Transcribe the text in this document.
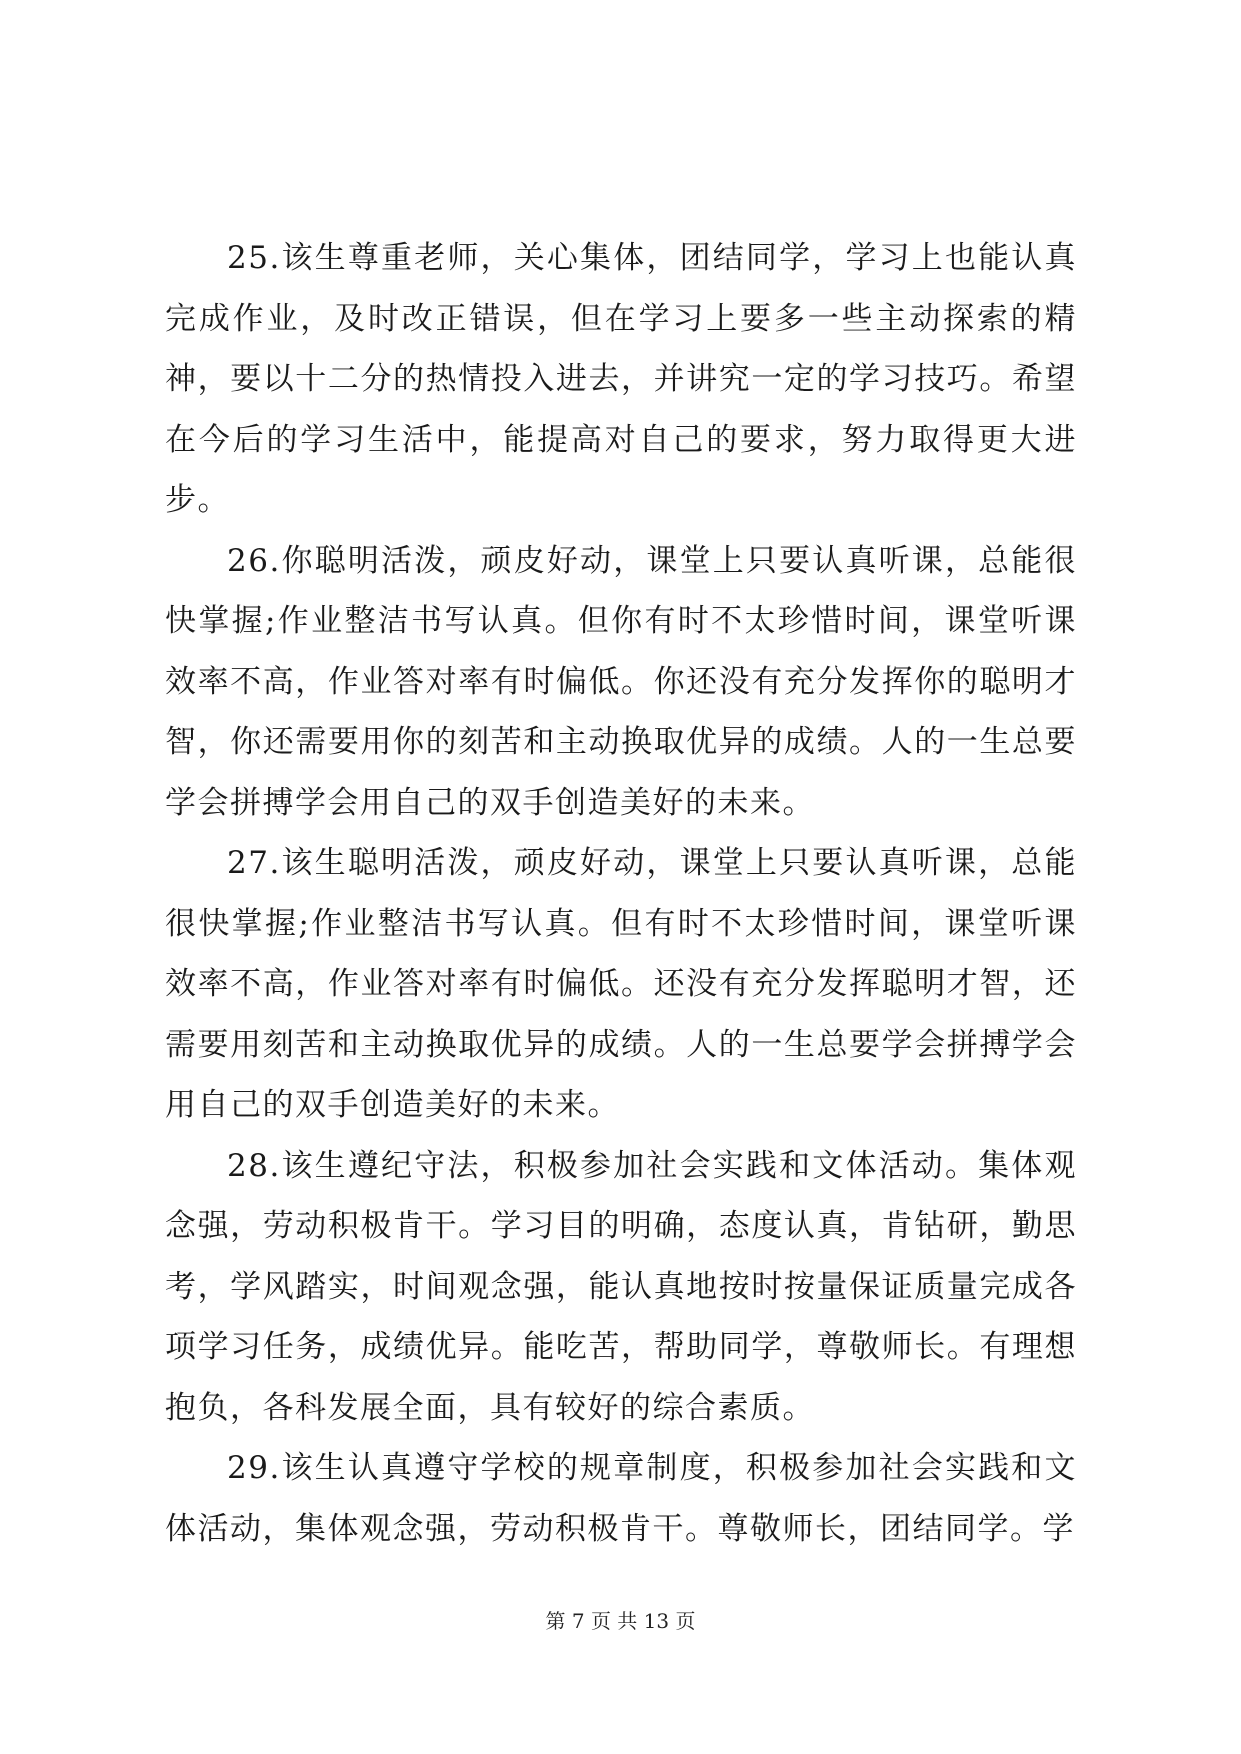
25.该生尊重老师，关心集体，团结同学，学习上也能认真完成作业，及时改正错误，但在学习上要多一些主动探索的精神，要以十二分的热情投入进去，并讲究一定的学习技巧。希望在今后的学习生活中，能提高对自己的要求，努力取得更大进步。

26.你聪明活泼，顽皮好动，课堂上只要认真听课，总能很快掌握;作业整洁书写认真。但你有时不太珍惜时间，课堂听课效率不高，作业答对率有时偏低。你还没有充分发挥你的聪明才智，你还需要用你的刻苦和主动换取优异的成绩。人的一生总要学会拼搏学会用自己的双手创造美好的未来。

27.该生聪明活泼，顽皮好动，课堂上只要认真听课，总能很快掌握;作业整洁书写认真。但有时不太珍惜时间，课堂听课效率不高，作业答对率有时偏低。还没有充分发挥聪明才智，还需要用刻苦和主动换取优异的成绩。人的一生总要学会拼搏学会用自己的双手创造美好的未来。

28.该生遵纪守法，积极参加社会实践和文体活动。集体观念强，劳动积极肯干。学习目的明确，态度认真，肯钻研，勤思考，学风踏实，时间观念强，能认真地按时按量保证质量完成各项学习任务，成绩优异。能吃苦，帮助同学，尊敬师长。有理想抱负，各科发展全面，具有较好的综合素质。

29.该生认真遵守学校的规章制度，积极参加社会实践和文体活动，集体观念强，劳动积极肯干。尊敬师长，团结同学。学

第 7 页 共 13 页
